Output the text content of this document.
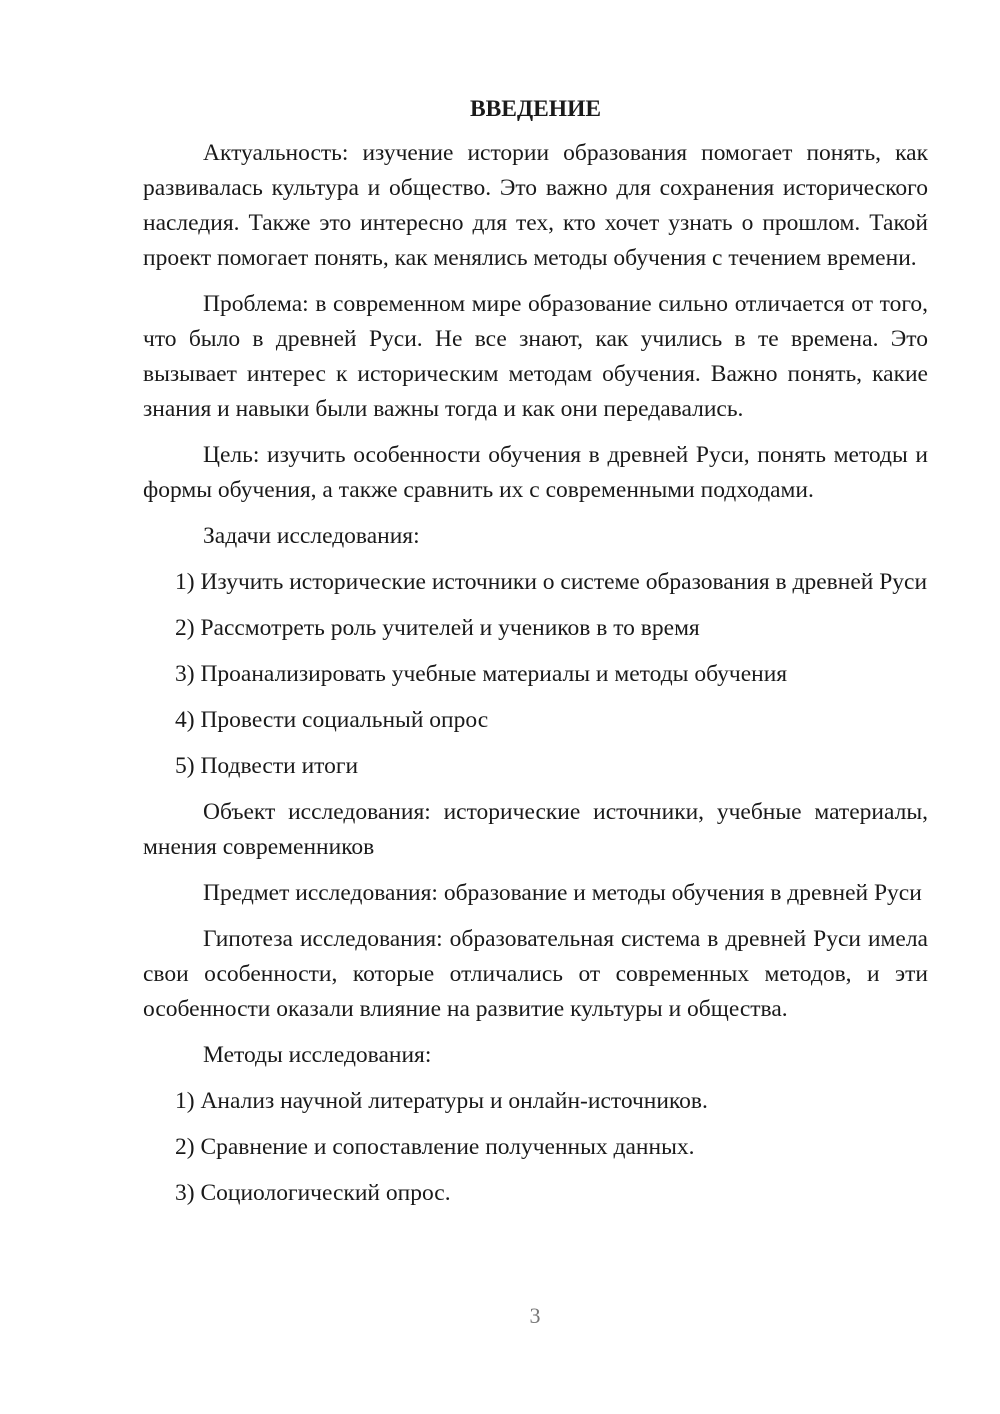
ВВЕДЕНИЕ

Актуальность: изучение истории образования помогает понять, как развивалась культура и общество. Это важно для сохранения исторического наследия. Также это интересно для тех, кто хочет узнать о прошлом. Такой проект помогает понять, как менялись методы обучения с течением времени.

Проблема: в современном мире образование сильно отличается от того, что было в древней Руси. Не все знают, как учились в те времена. Это вызывает интерес к историческим методам обучения. Важно понять, какие знания и навыки были важны тогда и как они передавались.

Цель: изучить особенности обучения в древней Руси, понять методы и формы обучения, а также сравнить их с современными подходами.

Задачи исследования:

1) Изучить исторические источники о системе образования в древней Руси

2) Рассмотреть роль учителей и учеников в то время

3) Проанализировать учебные материалы и методы обучения

4) Провести социальный опрос

5) Подвести итоги

Объект исследования: исторические источники, учебные материалы, мнения современников

Предмет исследования: образование и методы обучения в древней Руси

Гипотеза исследования: образовательная система в древней Руси имела свои особенности, которые отличались от современных методов, и эти особенности оказали влияние на развитие культуры и общества.

Методы исследования:

1) Анализ научной литературы и онлайн-источников.

2) Сравнение и сопоставление полученных данных.

3) Социологический опрос.

3
